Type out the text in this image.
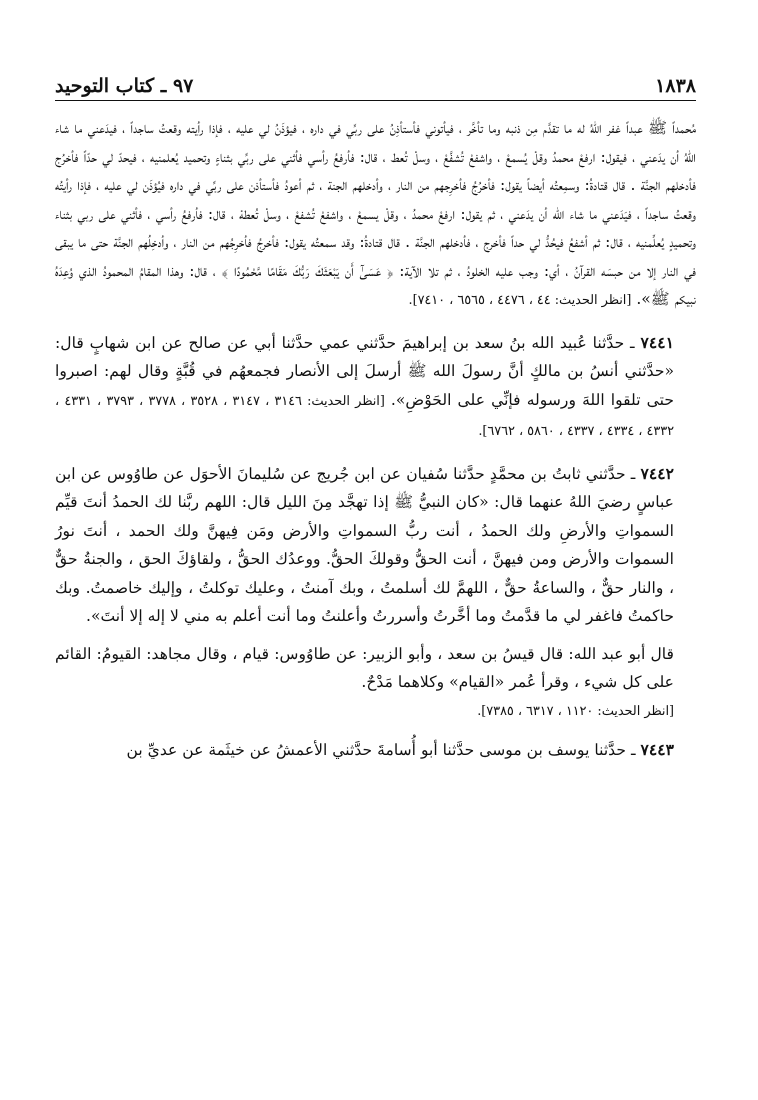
١٨٣٨
٩٧ ـ كتاب التوحيد

مُحمداً ﷺ عبداً غفر اللهُ له ما تقدَّم مِن ذنبه وما تأخَّر ، فيأتوني فأستأذِنُ على ربِّي في داره ، فيؤذَنُ لي عليه ، فإذا رأيته وقعتُ ساجداً ، فيدَعني ما شاء اللهُ أن يدَعني ، فيقول: ارفعْ محمدُ وقلْ يُسمعْ ، واشفعْ تُشفَّعْ ، وسلْ تُعط ، قال: فأرفعُ رأسي فأثني على ربِّي بثناءٍ وتحميد يُعلمنيه ، فيحدّ لي حدّاً فأخرُج فأدخلهم الجنَّة . قال قتادةُ: وسمِعتُه أيضاً يقول: فأخرُجُ فأخرِجهم من النار ، وأدخلهم الجنة ، ثم أعودُ فأستأذن على ربِّي في داره فيُؤذَن لي عليه ، فإذا رأيتُه وقعتُ ساجداً ، فيَدَعني ما شاء الله أن يدَعني ، ثم يقول: ارفعْ محمدُ ، وقلْ يسمعْ ، واشفعْ تُشفعْ ، وسلْ تُعطهْ ، قال: فأرفعُ رأسي ، فأثني على ربي بثناء وتحميدٍ يُعلِّمنيه ، قال: ثم أشفعُ فيحُدُّ لي حداً فأخرج ، فأدخلهم الجنَّة . قال قتادةُ: وقد سمعتُه يقول: فأخرجُ فأخرِجُهم من النار ، وأدخِلُهم الجنَّة حتى ما يبقى في النار إلا من حبسَه القرآنُ ، أي: وجب عليه الخلودُ ، ثم تلا الآية: ﴿ عَسَىٰٓ أَن يَبْعَثَكَ رَبُّكَ مَقَامًا مَّحْمُودًا ﴾ ، قال: وهذا المقامُ المحمودُ الذي وُعِدَهُ نبيكم ﷺ». [انظر الحديث: ٤٤ ، ٤٤٧٦ ، ٦٥٦٥ ، ٧٤١٠].

٧٤٤١ ـ حدَّثنا عُبيد الله بنُ سعد بن إبراهيمَ حدَّثني عمي حدَّثنا أبي عن صالح عن ابن شهابٍ قال: «حدَّثني أنسُ بن مالكٍ أنَّ رسولَ الله ﷺ أرسلَ إلى الأنصار فجمعهُم في قُبَّةٍ وقال لهم: اصبروا حتى تلقوا اللهَ ورسوله فإنِّي على الحَوْضِ». [انظر الحديث: ٣١٤٦ ، ٣١٤٧ ، ٣٥٢٨ ، ٣٧٧٨ ، ٣٧٩٣ ، ٤٣٣١ ، ٤٣٣٢ ، ٤٣٣٤ ، ٤٣٣٧ ، ٥٨٦٠ ، ٦٧٦٢].

٧٤٤٢ ـ حدَّثني ثابتُ بن محمَّدٍ حدَّثنا سُفيان عن ابن جُريج عن سُليمانَ الأحوَل عن طاوُوس عن ابن عباسٍ رضيَ اللهُ عنهما قال: «كان النبيُّ ﷺ إذا تهجَّد مِنَ الليل قال: اللهم ربَّنا لك الحمدُ أنتَ قيِّم السمواتِ والأرضِ ولك الحمدُ ، أنت ربُّ السمواتِ والأرض ومَن فِيهنَّ ولك الحمد ، أنتَ نورُ السموات والأرض ومن فيهنَّ ، أنت الحقُّ وقولكَ الحقُّ. ووعدُك الحقُّ ، ولقاؤكَ الحق ، والجنةُ حقٌّ ، والنار حقٌّ ، والساعةُ حقٌّ ، اللهمَّ لك أسلمتُ ، وبك آمنتُ ، وعليك توكلتُ ، وإليك خاصمتُ. وبك حاكمتُ فاغفر لي ما قدَّمتُ وما أخَّرتُ وأسررتُ وأعلنتُ وما أنت أعلم به مني لا إله إلا أنتَ».

قال أبو عبد الله: قال قيسُ بن سعد ، وأبو الزبير: عن طاوُوس: قيام ، وقال مجاهد: القيومُ: القائم على كل شيء ، وقرأ عُمر «القيام» وكلاهما مَدْحٌ.

[انظر الحديث: ١١٢٠ ، ٦٣١٧ ، ٧٣٨٥].

٧٤٤٣ ـ حدَّثنا يوسف بن موسى حدَّثنا أبو أُسامةَ حدَّثني الأعمشُ عن خيثَمة عن عديِّ بن
